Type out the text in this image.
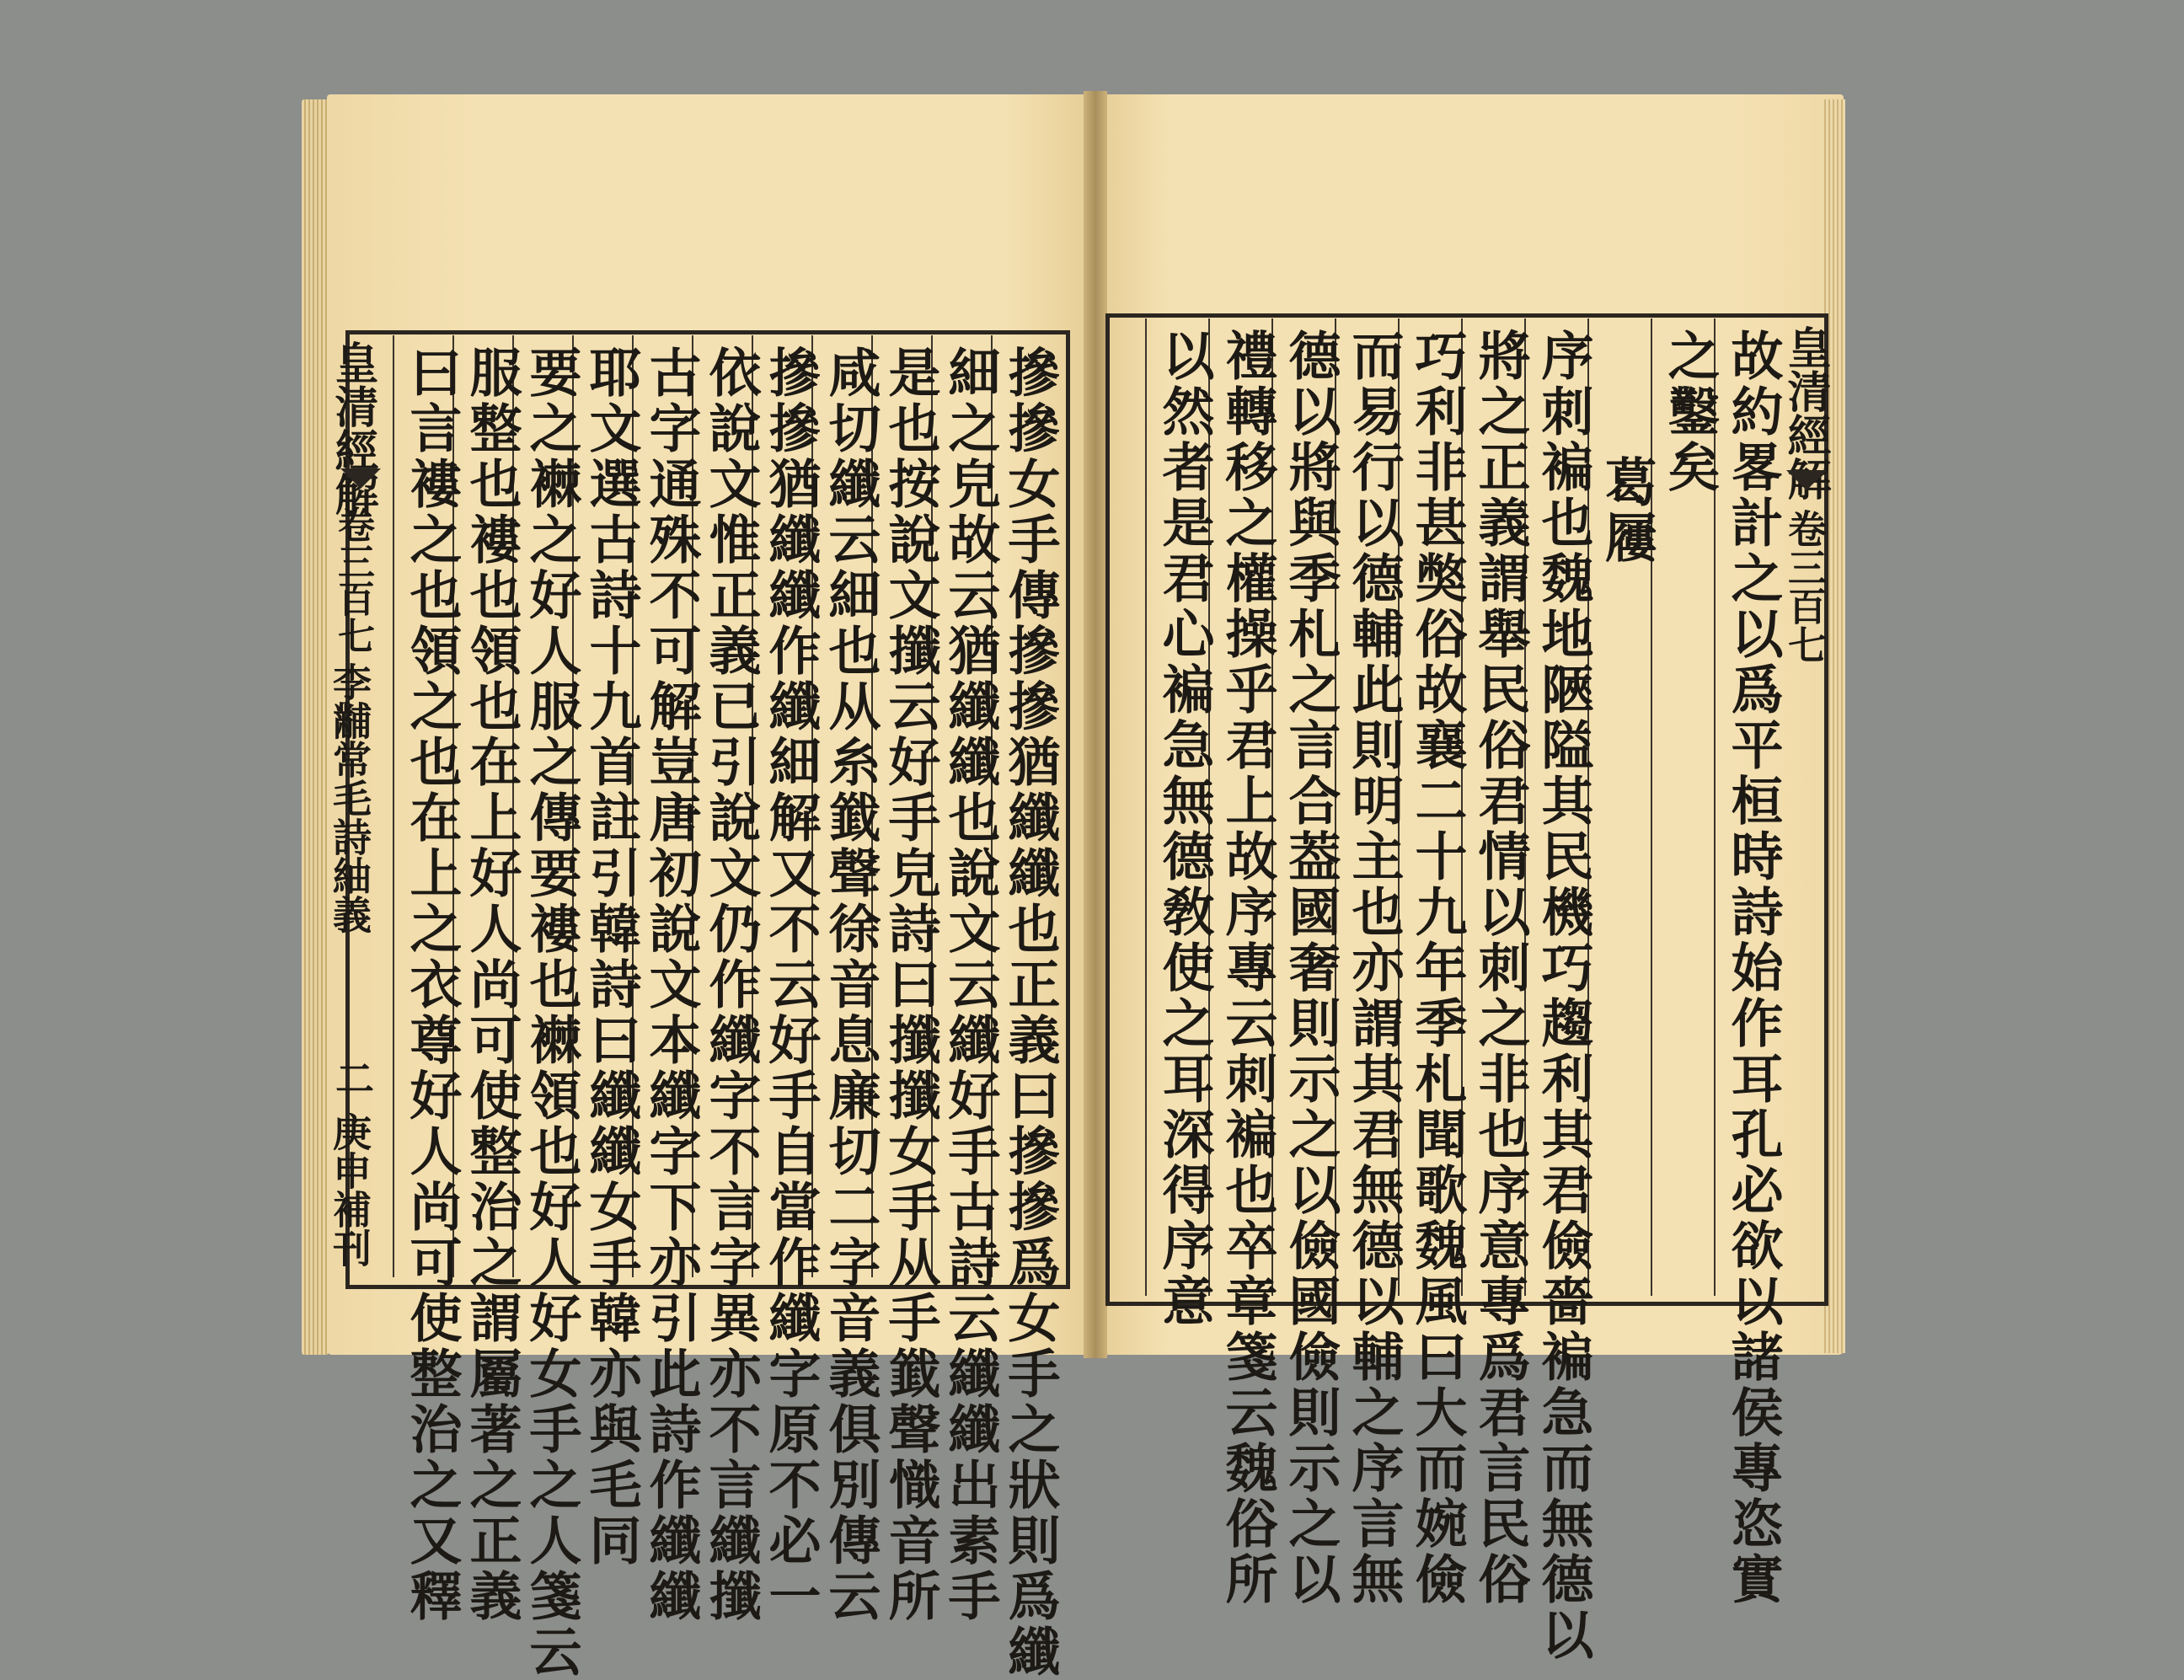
摻摻女手傳摻摻猶纖纖也正義曰摻摻爲女手之狀則爲纖
細之皃故云猶纖纖也說文云纖好手古詩云纖纖出素手
是也按說文攕云好手皃詩曰攕攕女手从手韱聲𢡠音所
咸切纖云細也从糸韱聲徐音息廉切二字音義俱別傳云
摻摻猶纖纖作纖細解又不云好手自當作纖字原不必一
依說文惟正義已引說文仍作纖字不言字異亦不言纖攕
古字通殊不可解豈唐初說文本纖字下亦引此詩作纖纖
耶文選古詩十九首註引韓詩曰纖纖女手韓亦與毛同
要之襋之好人服之傳要褸也襋領也好人好女手之人箋云
服整也褸也領也在上好人尚可使整治之謂屬著之正義
曰言褸之也領之也在上之衣尊好人尚可使整治之又釋
皇清經解
卷三百七
李黼常毛詩紬義
二
庚申補刊	故約畧計之以爲平桓時詩始作耳孔必欲以諸侯專恣實
之鑿矣
葛屨
序刺褊也魏地陿隘其民機巧趨利其君儉嗇褊急而無德以
將之正義謂舉民俗君情以刺之非也序意專爲君言民俗
巧利非甚獘俗故襄二十九年季札聞歌魏風曰大而婉儉
而易行以德輔此則明主也亦謂其君無德以輔之序言無
德以將與季札之言合葢國奢則示之以儉國儉則示之以
禮轉移之權操乎君上故序專云刺褊也卒章箋云魏俗所
以然者是君心褊急無德敎使之耳深得序意	皇清經解
卷三百七
